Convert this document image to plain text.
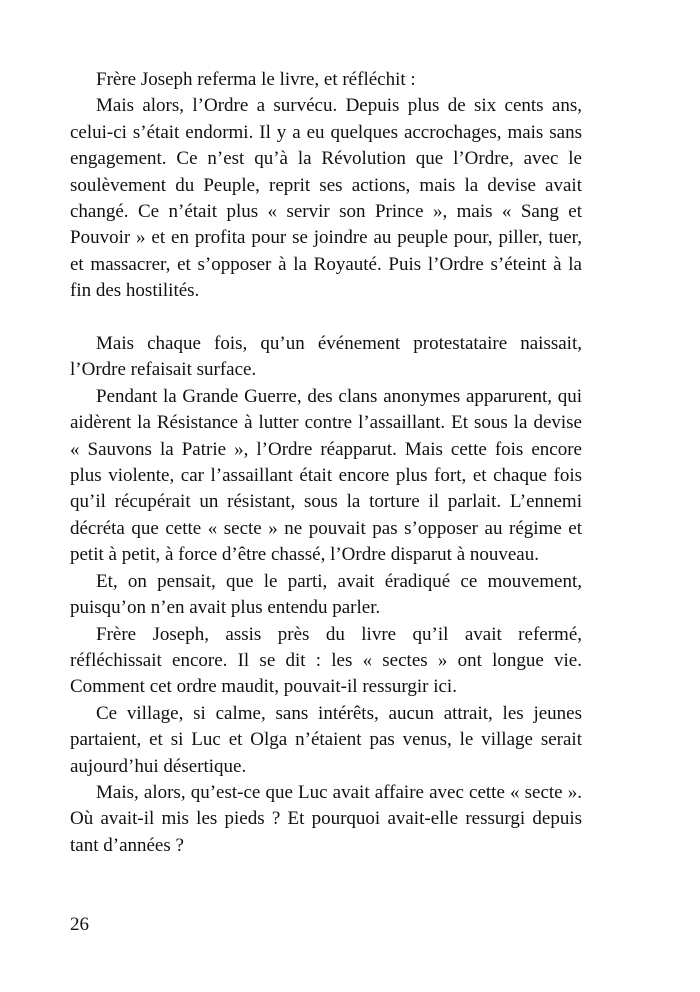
Frère Joseph referma le livre, et réfléchit :

Mais alors, l’Ordre a survécu. Depuis plus de six cents ans, celui-ci s’était endormi. Il y a eu quelques accrochages, mais sans engagement. Ce n’est qu’à la Révolution que l’Ordre, avec le soulèvement du Peuple, reprit ses actions, mais la devise avait changé. Ce n’était plus « servir son Prince », mais « Sang et Pouvoir » et en profita pour se joindre au peuple pour, piller, tuer, et massacrer, et s’opposer à la Royauté. Puis l’Ordre s’éteint à la fin des hostilités.

Mais chaque fois, qu’un événement protestataire naissait, l’Ordre refaisait surface.

Pendant la Grande Guerre, des clans anonymes apparurent, qui aidèrent la Résistance à lutter contre l’assaillant. Et sous la devise « Sauvons la Patrie », l’Ordre réapparut. Mais cette fois encore plus violente, car l’assaillant était encore plus fort, et chaque fois qu’il récupérait un résistant, sous la torture il parlait. L’ennemi décréta que cette « secte » ne pouvait pas s’opposer au régime et petit à petit, à force d’être chassé, l’Ordre disparut à nouveau.

Et, on pensait, que le parti, avait éradiqué ce mouvement, puisqu’on n’en avait plus entendu parler.

Frère Joseph, assis près du livre qu’il avait refermé, réfléchissait encore. Il se dit : les « sectes » ont longue vie. Comment cet ordre maudit, pouvait-il ressurgir ici.

Ce village, si calme, sans intérêts, aucun attrait, les jeunes partaient, et si Luc et Olga n’étaient pas venus, le village serait aujourd’hui désertique.

Mais, alors, qu’est-ce que Luc avait affaire avec cette « secte ». Où avait-il mis les pieds ? Et pourquoi avait-elle ressurgi depuis tant d’années ?

26
